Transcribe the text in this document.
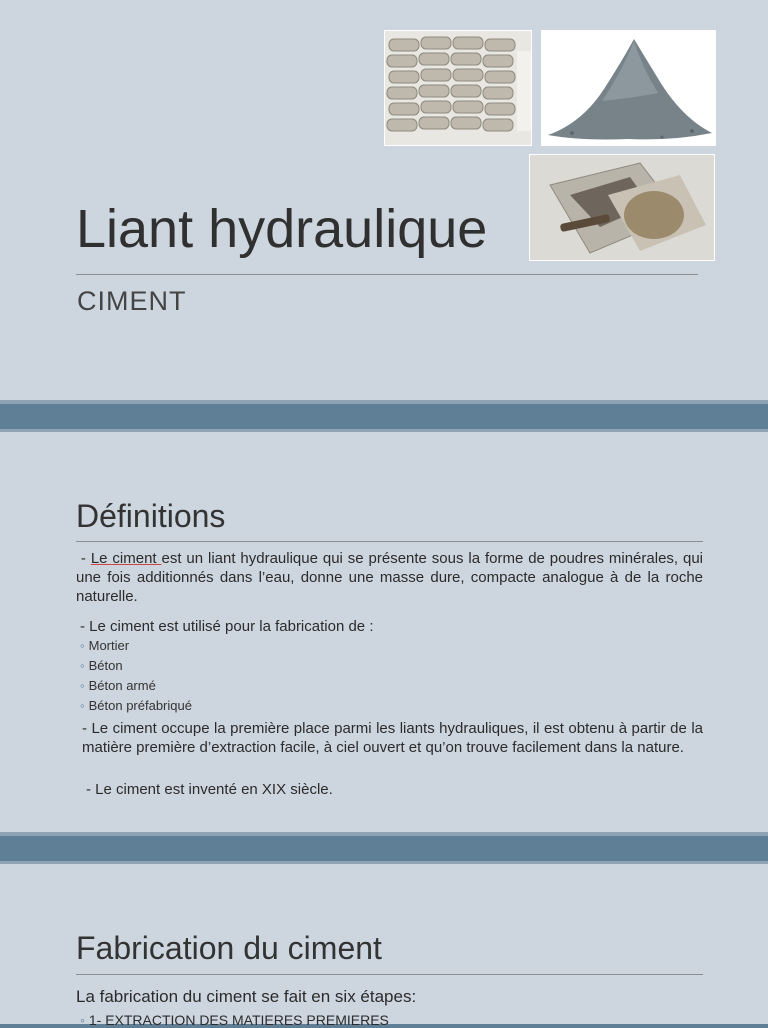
Liant hydraulique

CIMENT

Définitions

- Le ciment est un liant hydraulique qui se présente sous la forme de poudres minérales, qui une fois additionnés dans l’eau, donne une masse dure, compacte analogue à de la roche naturelle.

- Le ciment est utilisé pour la fabrication de :

◦ Mortier

◦ Béton

◦ Béton armé

◦ Béton préfabriqué

- Le ciment occupe la première place parmi les liants hydrauliques, il est obtenu à partir de la matière première d’extraction facile, à ciel ouvert et qu’on trouve facilement dans la nature.

- Le ciment est inventé en XIX siècle.

Fabrication du ciment

La fabrication du ciment se fait en six étapes:

◦ 1- EXTRACTION DES MATIERES PREMIERES
